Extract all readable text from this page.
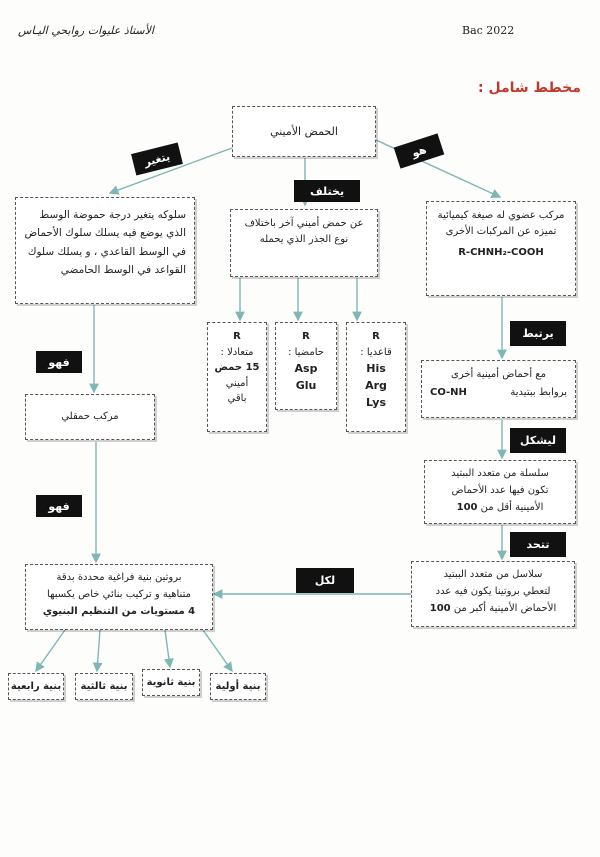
الأستاذ عليوات روابحي اليـاس	Bac 2022
مخطط شامل :
الحمض الأميني
يتغير	هو
يختلف
يرتبط
فهو
ليشكل
فهو
تتحد
لكل
سلوكه يتغير درجة حموضة الوسط الذي يوضع فيه يسلك سلوك الأحماض في الوسط القاعدي ، و يسلك سلوك القواعد في الوسط الحامضي
عن حمض أميني آخر باختلاف نوع الجذر الذي يحمله
مركب عضوي له صيغة كيميائية تميزه عن المركبات الأخرى
R-CHNH₂-COOH
R
متعادلا :
15 حمض
أميني
باقي
R
حامضيا :
Asp
Glu
R
قاعديا :
His
Arg
Lys
مركب حمقلي
مع أحماض أمينية أخرى
بروابط ببتيدية
CO-NH
سلسلة من متعدد الببتيد
تكون فيها عدد الأحماض
الأمينية أقل من 100
سلاسل من متعدد الببتيد
لتعطي بروتينا يكون فيه عدد
الأحماض الأمينية أكبر من 100
بروتين بنية فراغية محددة بدقة
متناهية و تركيب بنائي خاص يكسبها
4 مستويات من التنظيم البنيوي
بنية رابعية	بنية ثالثية	بنية ثانوية	بنية أولية
